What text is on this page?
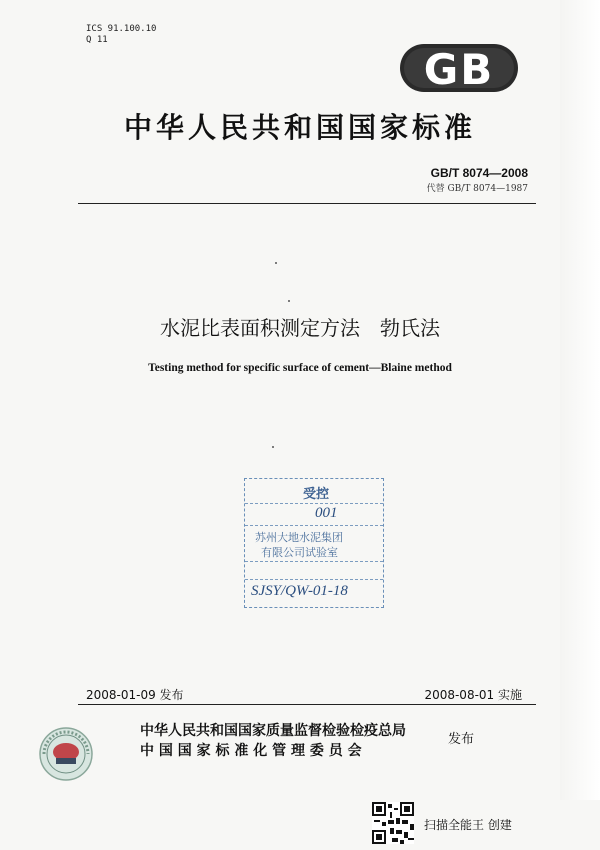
ICS 91.100.10
Q 11
GB
中华人民共和国国家标准
GB/T 8074—2008
代替 GB/T 8074—1987
水泥比表面积测定方法　勃氏法
Testing method for specific surface of cement—Blaine method
受控
001
苏州大地水泥集团
有限公司试验室
SJSY/QW-01-18
2008-01-09 发布	2008-08-01 实施
中华人民共和国国家质量监督检验检疫总局
中 国 国 家 标 准 化 管 理 委 员 会
发布
扫描全能王 创建
